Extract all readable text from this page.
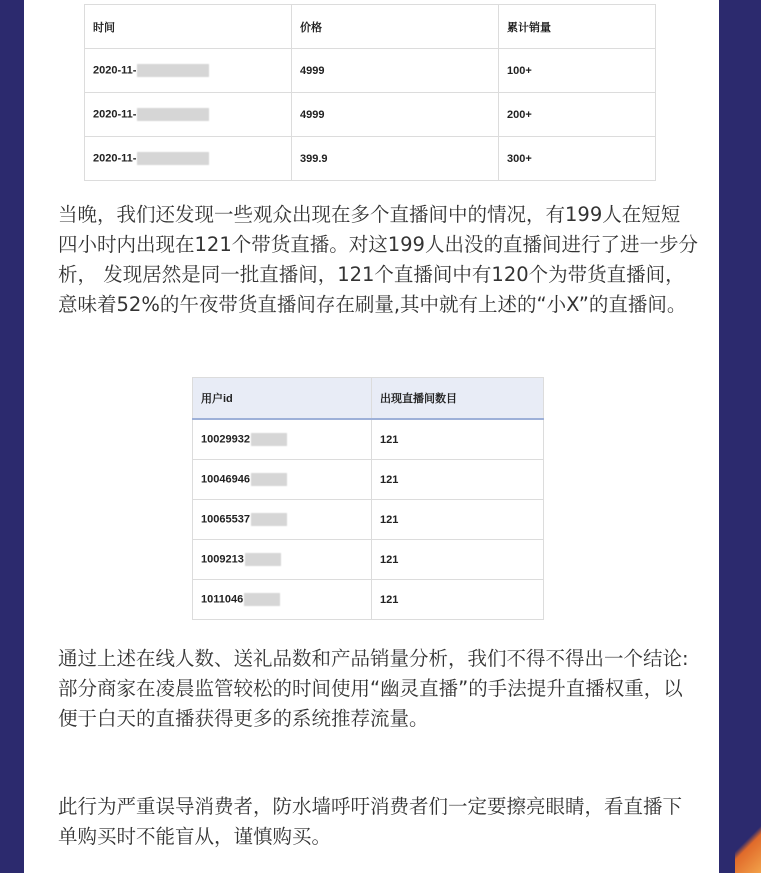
时间	价格	累计销量
2020-11-	4999	100+
2020-11-	4999	200+
2020-11-	399.9	300+

当晚，我们还发现一些观众出现在多个直播间中的情况，有199人在短短四小时内出现在121个带货直播。对这199人出没的直播间进行了进一步分析， 发现居然是同一批直播间，121个直播间中有120个为带货直播间，意味着52%的午夜带货直播间存在刷量,其中就有上述的“小X”的直播间。

用户id	出现直播间数目
10029932	121
10046946	121
10065537	121
1009213	121
1011046	121

通过上述在线人数、送礼品数和产品销量分析，我们不得不得出一个结论:部分商家在凌晨监管较松的时间使用“幽灵直播”的手法提升直播权重，以便于白天的直播获得更多的系统推荐流量。

此行为严重误导消费者，防水墙呼吁消费者们一定要擦亮眼睛，看直播下单购买时不能盲从，谨慎购买。
